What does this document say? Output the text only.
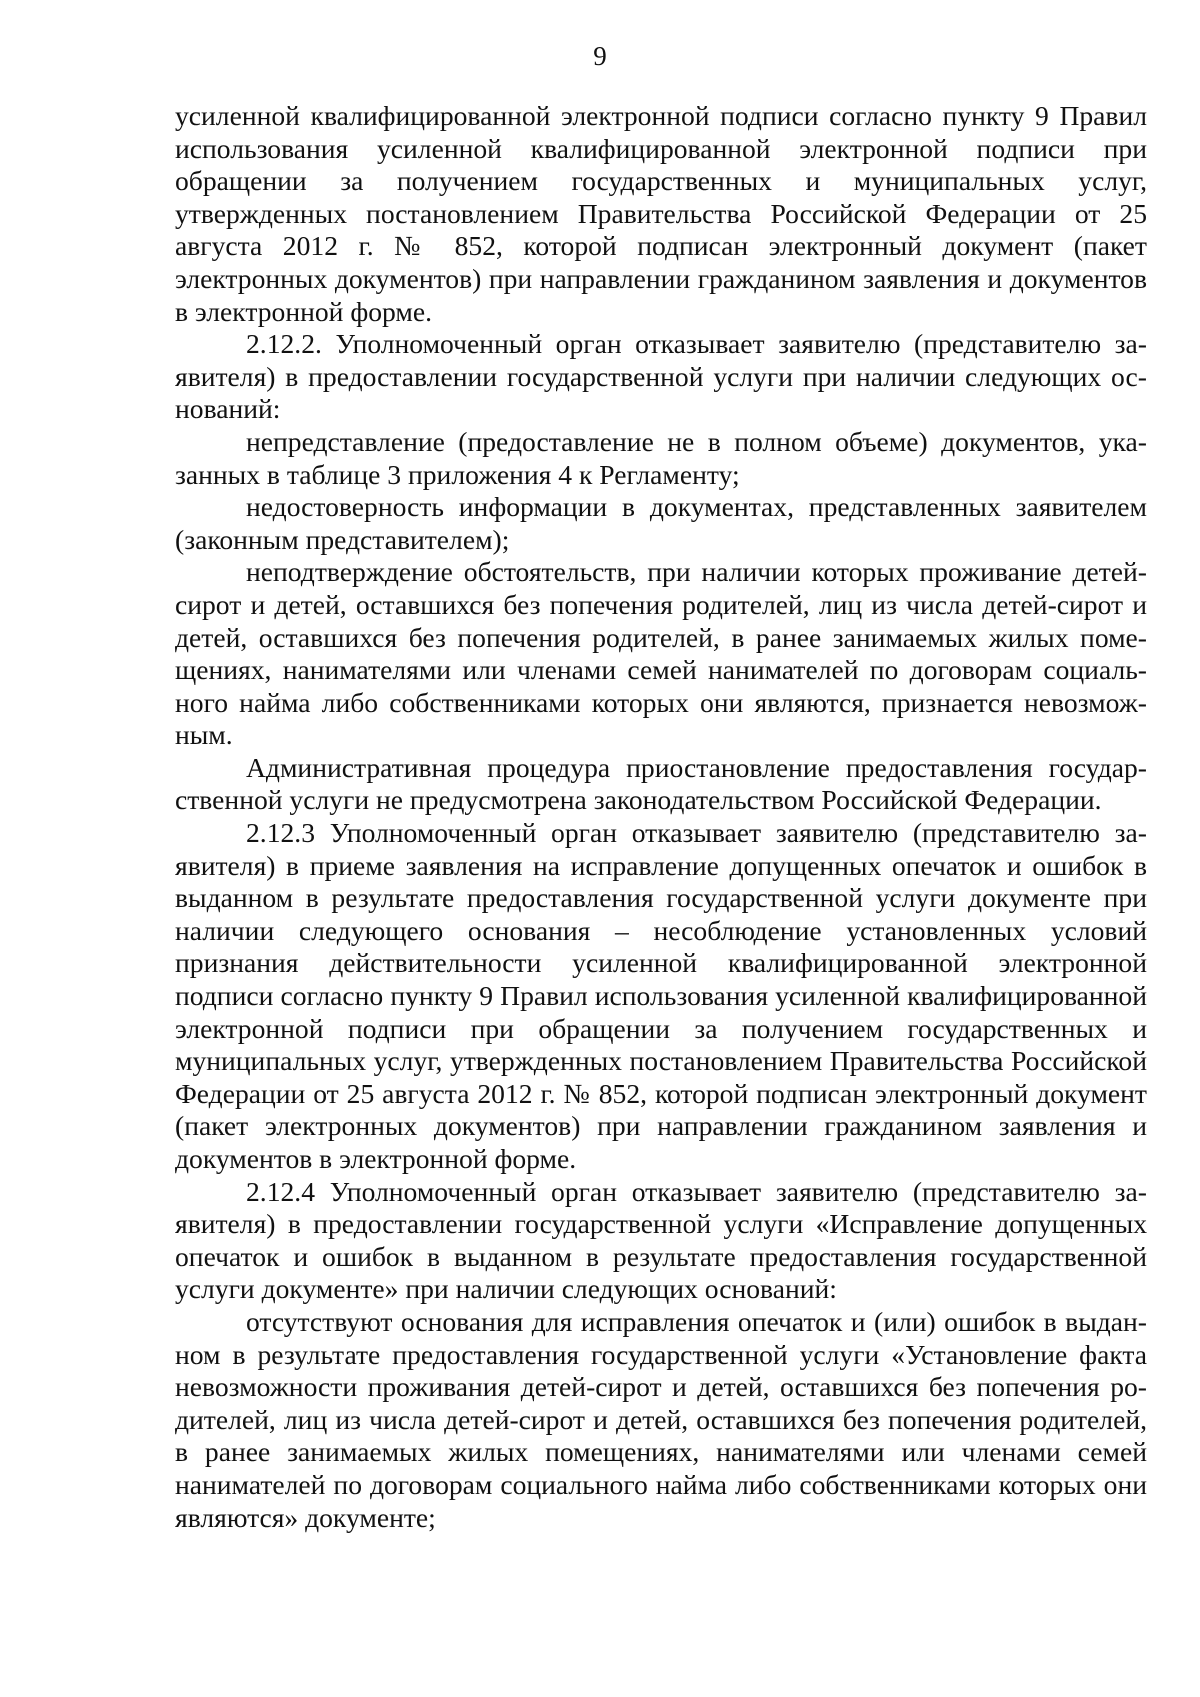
9

усиленной квалифицированной электронной подписи согласно пункту 9 Правил использования усиленной квалифицированной электронной подписи при обращении за получением государственных и муниципальных услуг, утвержденных постановлением Правительства Российской Федерации от 25 августа 2012 г. № 852, которой подписан электронный документ (пакет электронных документов) при направлении гражданином заявления и документов в электронной форме.

2.12.2. Уполномоченный орган отказывает заявителю (представителю заявителя) в предоставлении государственной услуги при наличии следующих оснований:

непредставление (предоставление не в полном объеме) документов, указанных в таблице 3 приложения 4 к Регламенту;

недостоверность информации в документах, представленных заявителем (законным представителем);

неподтверждение обстоятельств, при наличии которых проживание детей-сирот и детей, оставшихся без попечения родителей, лиц из числа детей-сирот и детей, оставшихся без попечения родителей, в ранее занимаемых жилых помещениях, нанимателями или членами семей нанимателей по договорам социального найма либо собственниками которых они являются, признается невозможным.

Административная процедура приостановление предоставления государственной услуги не предусмотрена законодательством Российской Федерации.

2.12.3 Уполномоченный орган отказывает заявителю (представителю заявителя) в приеме заявления на исправление допущенных опечаток и ошибок в выданном в результате предоставления государственной услуги документе при наличии следующего основания – несоблюдение установленных условий признания действительности усиленной квалифицированной электронной подписи согласно пункту 9 Правил использования усиленной квалифицированной электронной подписи при обращении за получением государственных и муниципальных услуг, утвержденных постановлением Правительства Российской Федерации от 25 августа 2012 г. № 852, которой подписан электронный документ (пакет электронных документов) при направлении гражданином заявления и документов в электронной форме.

2.12.4 Уполномоченный орган отказывает заявителю (представителю заявителя) в предоставлении государственной услуги «Исправление допущенных опечаток и ошибок в выданном в результате предоставления государственной услуги документе» при наличии следующих оснований:

отсутствуют основания для исправления опечаток и (или) ошибок в выданном в результате предоставления государственной услуги «Установление факта невозможности проживания детей-сирот и детей, оставшихся без попечения родителей, лиц из числа детей-сирот и детей, оставшихся без попечения родителей, в ранее занимаемых жилых помещениях, нанимателями или членами семей нанимателей по договорам социального найма либо собственниками которых они являются» документе;
